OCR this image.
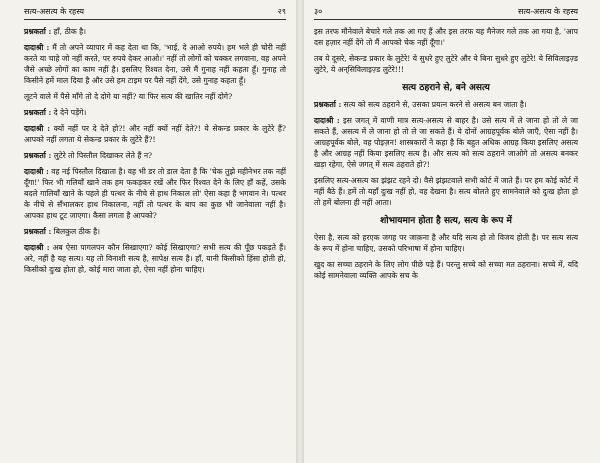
सत्य-असत्य के रहस्य	२९

प्रश्नकर्ता : हाँ, ठीक है।

दादाश्री : मैं तो अपने व्यापार में कह देता था कि, 'भाई, दे आओ रुपये। हम भले ही चोरी नहीं करते या चाहे जो नहीं करते, पर रुपये देकर आओ।' नहीं तो लोगों को चक्कर लगवाना, वह अपने जैसे अच्छे लोगों का काम नहीं है। इसलिए रिश्वत देना, उसे मैं गुनाह नहीं कहता हूँ। गुनाह तो किसीने हमें माल दिया है और उसे हम टाइम पर पैसे नहीं देंगे, उसे गुनाह कहता हूँ।

लूटने वाले में पैसे माँगे तो दे दोगे या नहीं? या फिर सत्य की खातिर नहीं दोगे?

प्रश्नकर्ता : दे देने पड़ेंगे।

दादाश्री : क्यों नहीं पर दे देते हो?! और नहीं क्यों नहीं देते?! ये सेकन्ड प्रकार के लुटेरे हैं? आपको नहीं लगता ये सेकन्ड प्रकार के लुटेरे हैं?!

प्रश्नकर्ता : लुटेरे तो पिस्तौल दिखाकर लेते हैं न?

दादाश्री : वह नई पिस्तौल दिखाता है। वह भी डर तो डाल देता है कि 'चेक तुझे महीनेभर तक नहीं दूँगा!' फिर भी गलियाँ खाने तक हम फकड़कर रखें और फिर रिश्वत देने के लिए हाँ कहें, उसके बदले गालियाँ खाने के पहले ही पत्थर के नीचे से हाथ निकाल लो' ऐसा कहा है भगवान ने। पत्थर के नीचे से सँभालकर हाथ निकालना, नहीं तो पत्थर के बाप का कुछ भी जानेवाला नहीं है। आपका हाथ टूट जाएगा। कैसा लगता है आपको?

प्रश्नकर्ता : बिलकुल ठीक है।

दादाश्री : अब ऐसा पागलपन कौन सिखाएगा? कोई सिखाएगा? सभी सत्य की पूँछ पकड़ते हैं। अरे, नहीं है यह सत्य। यह तो विनाशी सत्य है, सापेक्ष सत्य है। हाँ, यानी किसीको हिंसा होती हो, किसीको दुःख होता हो, कोई मारा जाता हो, ऐसा नहीं होना चाहिए।

३०	सत्य-असत्य के रहस्य

इस तरफ मौनेवाले बेचारे गले तक आ गए हैं और इस तरफ यह मैनेजर गले तक आ गया है, 'आप दस हज़ार नहीं देंगे तो मैं आपको चेक नहीं दूँगा।'

तब ये दूसरे, सेकन्ड प्रकार के लुटेरे! ये सुधरे हुए लुटेरे और ये बिना सुधरे हुए लुटेरे! ये सिविलाइज़्ड लुटेरे, ये अन्‌सिविलाइज़्ड लुटेरे!!!

सत्य ठहराने से, बने असत्य

प्रश्नकर्ता : सत्य को सत्य ठहराने से, उसका प्रयत्न करने से असत्य बन जाता है।

दादाश्री : इस जगत् में वाणी मात्र सत्य-असत्य से बाहर है। उसे सत्य में ले जाना हो तो ले जा सकते हैं, असत्य में ले जाना हो तो ले जा सकते हैं। ये दोनों आग्रहपूर्वक बोले जाएँ, ऐसा नहीं है। आग्रहपूर्वक बोले, वह पोइज़न! शास्त्रकारों ने कहा है कि बहुत अधिक आग्रह किया इसलिए असत्य है और आग्रह नहीं किया इसलिए सत्य है। और सत्य को सत्य ठहराने जाओगे तो असत्य बनकर खड़ा रहेगा, ऐसे जगत् में सत्य ठहराते हो?!

इसलिए सत्य-असत्य का झंझट रहने दो। वैसे झंझटवाले सभी कोर्ट में जाते हैं। पर हम कोई कोर्ट में नहीं बैठे हैं। हमें तो यहाँ दुःख नहीं हो, वह देखना है। सत्य बोलते हुए सामनेवाले को दुःख होता हो तो हमें बोलना ही नहीं आता।

शोभायमान होता है सत्य, सत्य के रूप में

ऐसा है, सत्य को हरएक जगह पर जाक़ना है और यदि सत्य हो तो विजय होती है। पर सत्य सत्य के रूप में होना चाहिए, उसको परिभाषा में होना चाहिए।

खुद का सच्चा ठहराने के लिए लोग पीछे पड़े हैं। परन्तु सच्चे को सच्चा मत ठहराना। सच्चे में, यदि कोई सामनेवाला व्यक्ति आपके सच के
